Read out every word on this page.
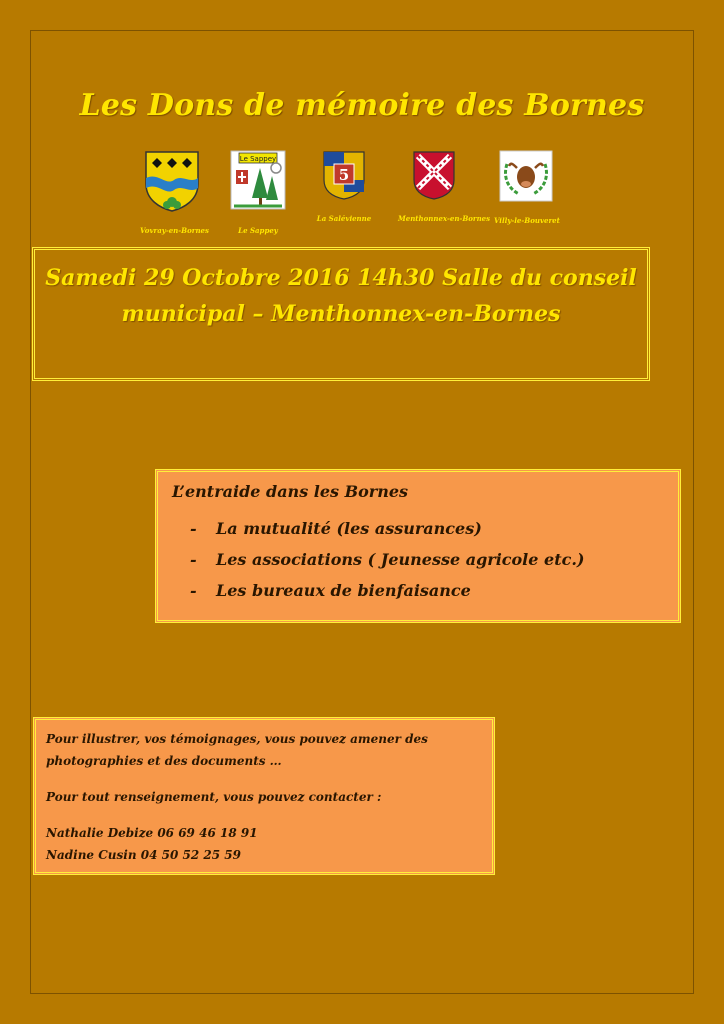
Les Dons de mémoire des Bornes
Vovray-en-Bornes
Le Sappey
Le Sappey
5
La Salévienne	Menthonnex-en-Bornes Villy-le-Bouveret
Samedi 29 Octobre 2016 14h30 Salle du conseil
municipal – Menthonnex-en-Bornes
L’entraide dans les Bornes
- La mutualité (les assurances)
- Les associations ( Jeunesse agricole etc.)
- Les bureaux de bienfaisance

Pour illustrer, vos témoignages, vous pouvez amener des

photographies et des documents …

Pour tout renseignement, vous pouvez contacter :

Nathalie Debize 06 69 46 18 91

Nadine Cusin 04 50 52 25 59
